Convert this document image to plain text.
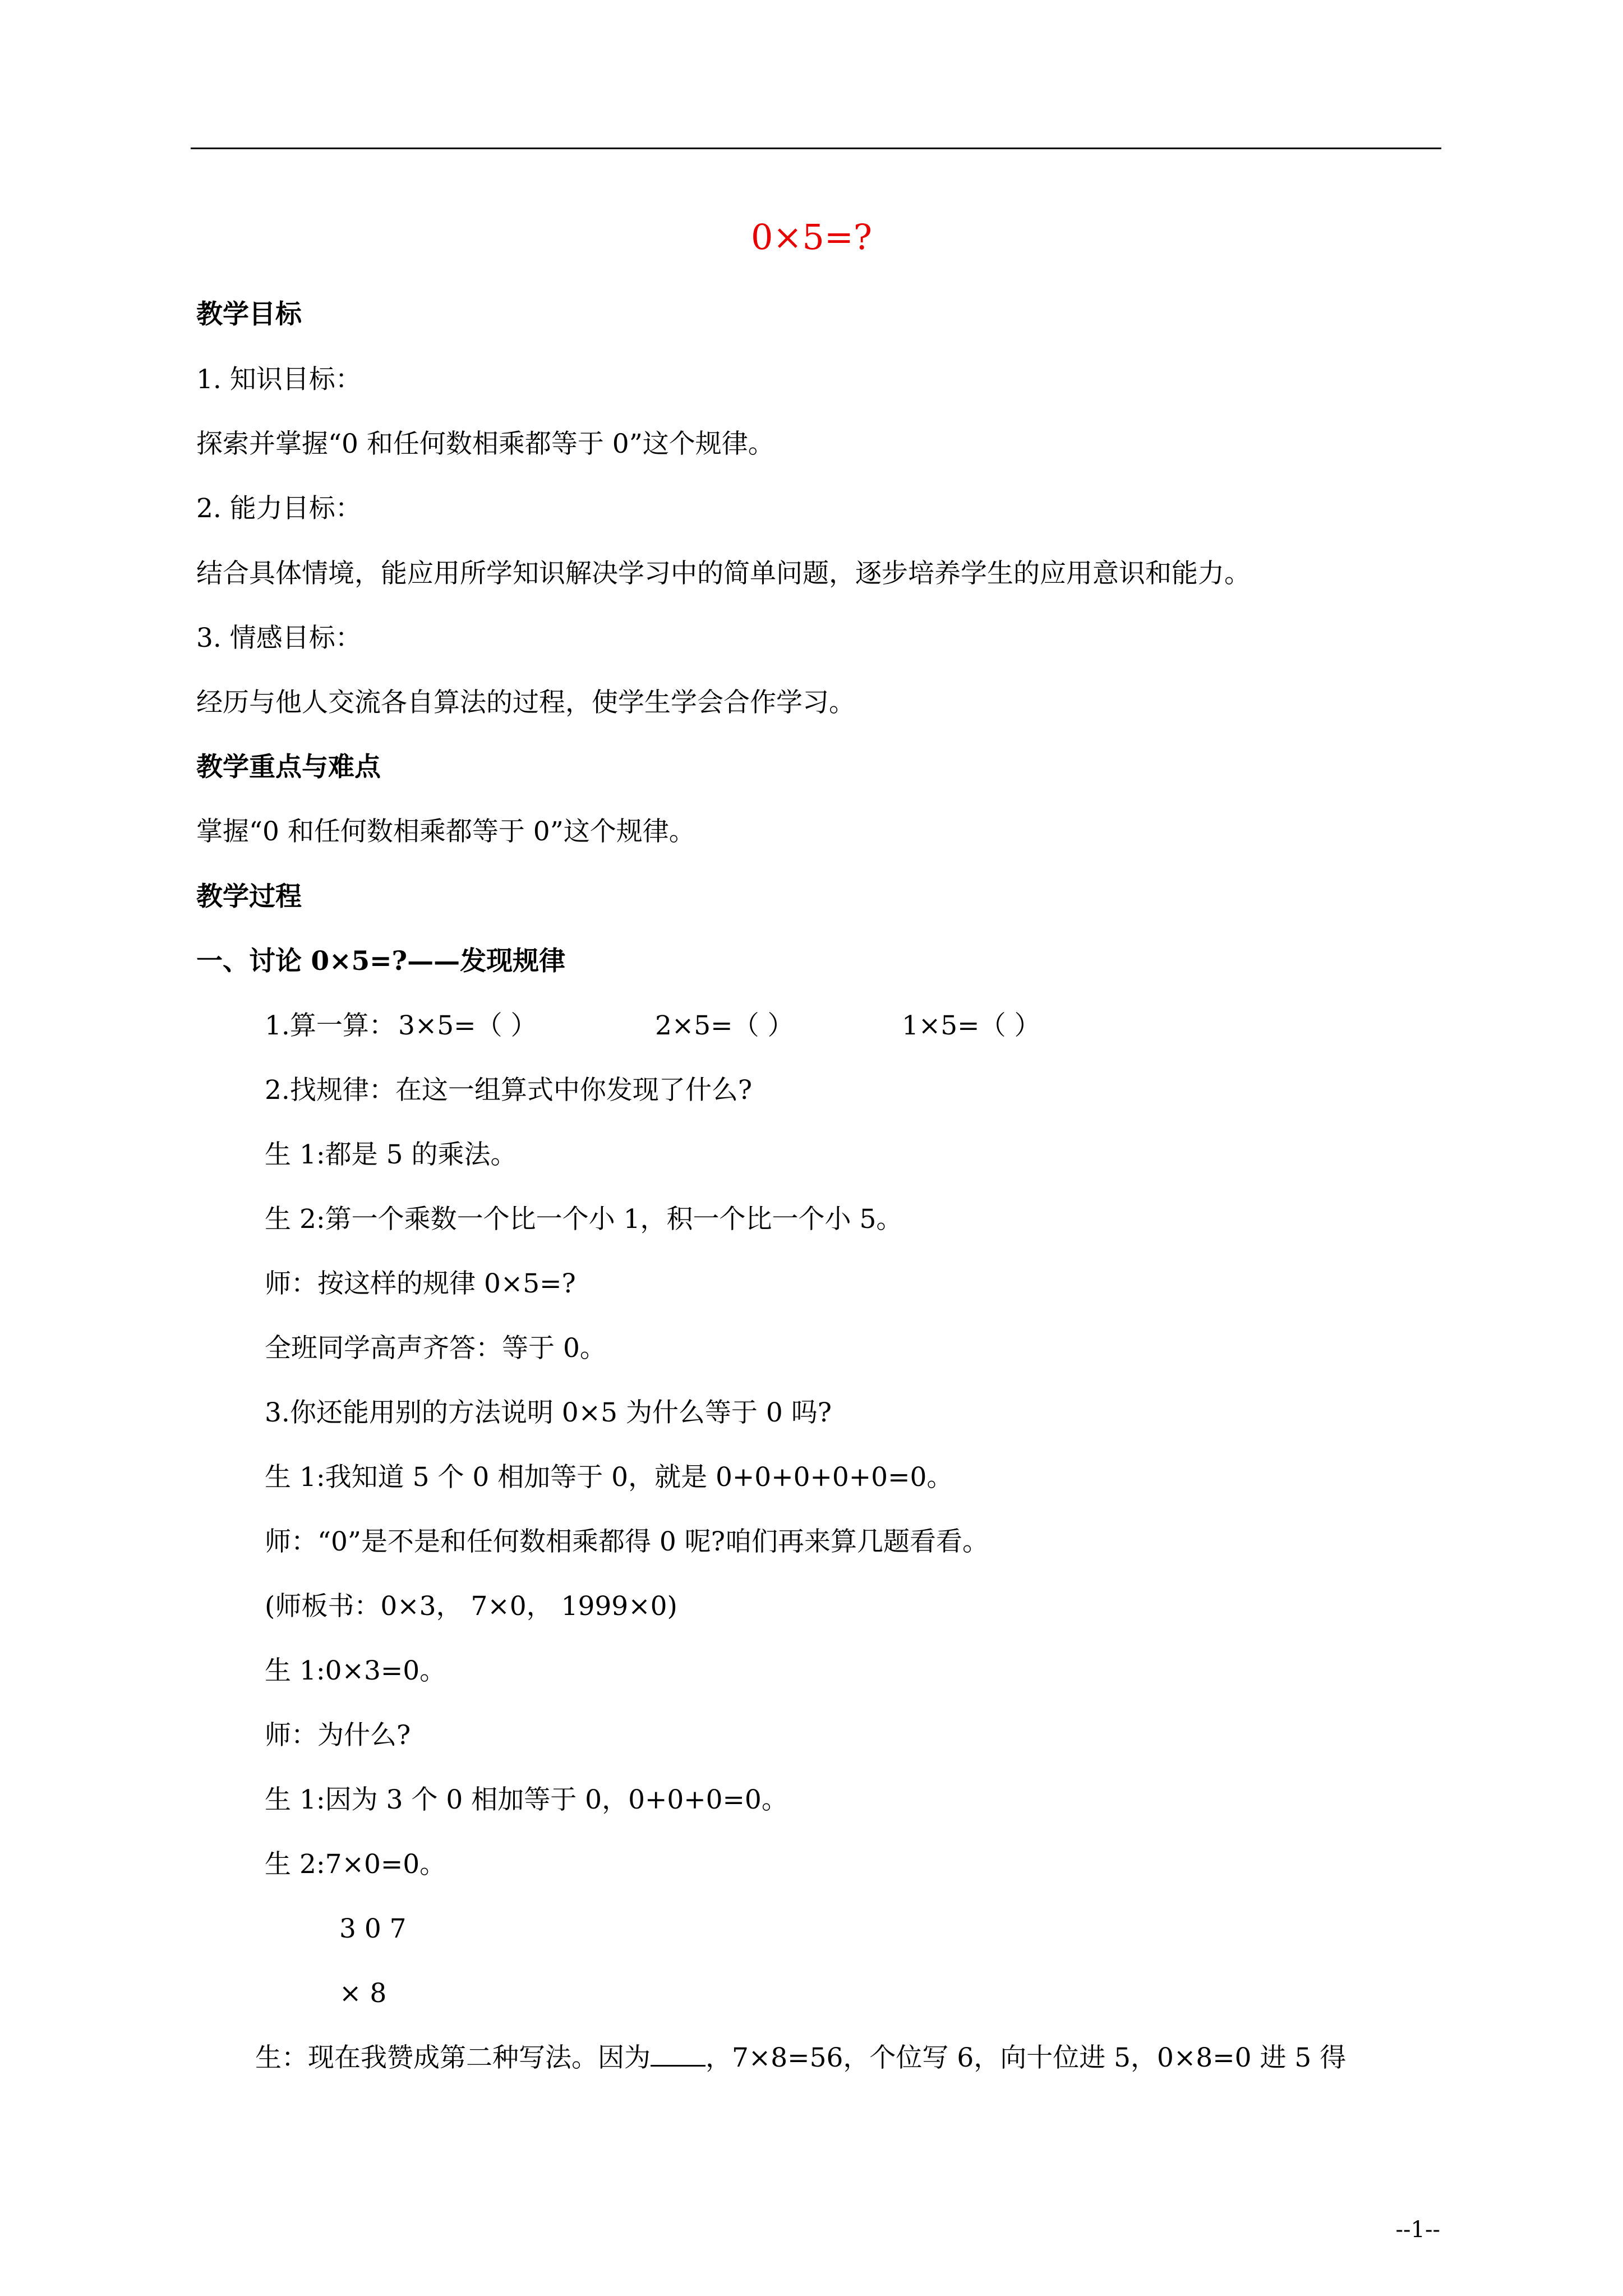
0×5=?
教学目标
1. 知识目标：
探索并掌握“0 和任何数相乘都等于 0”这个规律。
2. 能力目标：
结合具体情境，能应用所学知识解决学习中的简单问题，逐步培养学生的应用意识和能力。
3. 情感目标：
经历与他人交流各自算法的过程，使学生学会合作学习。
教学重点与难点
掌握“0 和任何数相乘都等于 0”这个规律。
教学过程
一、讨论 0×5=?——发现规律
1.算一算： 3×5=（ ）	2×5=（ ）	1×5=（ ）
2.找规律：在这一组算式中你发现了什么?
生 1:都是 5 的乘法。
生 2:第一个乘数一个比一个小 1，积一个比一个小 5。
师：按这样的规律 0×5=?
全班同学高声齐答：等于 0。
3.你还能用别的方法说明 0×5 为什么等于 0 吗?
生 1:我知道 5 个 0 相加等于 0，就是 0+0+0+0+0=0。
师：“0”是不是和任何数相乘都得 0 呢?咱们再来算几题看看。
(师板书：0×3， 7×0， 1999×0)
生 1:0×3=0。
师：为什么?
生 1:因为 3 个 0 相加等于 0，0+0+0=0。
生 2:7×0=0。
3 0 7
× 8
生：现在我赞成第二种写法。因为 ，7×8=56，个位写 6，向十位进 5，0×8=0 进 5 得
--1--
